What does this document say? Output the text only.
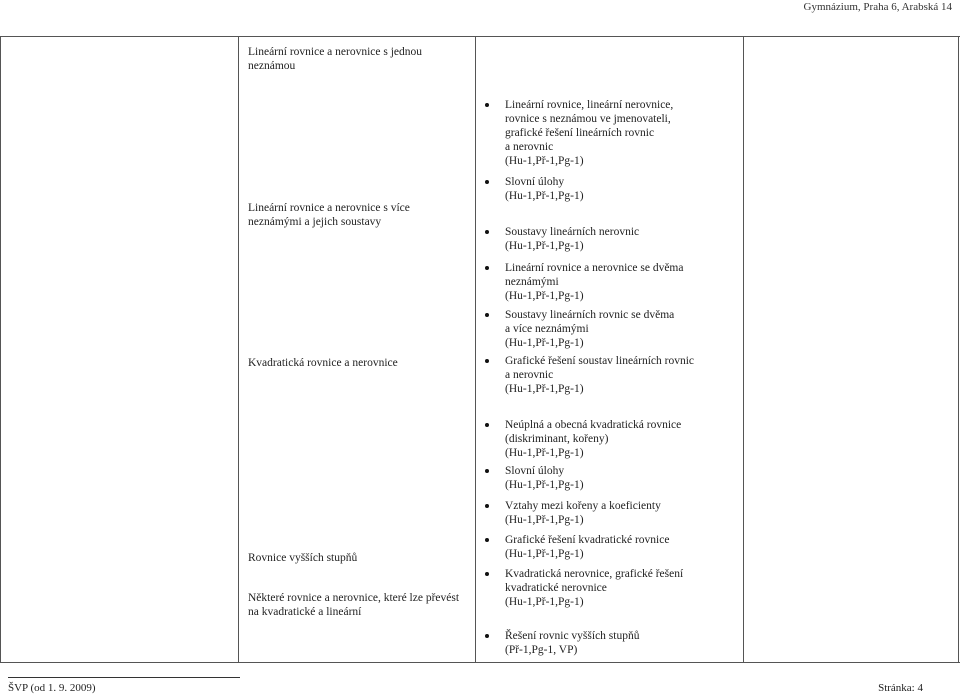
Gymnázium, Praha 6, Arabská 14
Lineární rovnice a nerovnice s jednou neznámou
Lineární rovnice a nerovnice s více neznámými a jejich soustavy
Kvadratická rovnice a nerovnice
Rovnice vyšších stupňů
Některé rovnice a nerovnice, které lze převést na kvadratické a lineární
Lineární rovnice, lineární nerovnice,
rovnice s neznámou ve jmenovateli,
grafické řešení lineárních rovnic
a nerovnic
(Hu-1,Př-1,Pg-1)
Slovní úlohy
(Hu-1,Př-1,Pg-1)
Soustavy lineárních nerovnic
(Hu-1,Př-1,Pg-1)
Lineární rovnice a nerovnice se dvěma
neznámými
(Hu-1,Př-1,Pg-1)
Soustavy lineárních rovnic se dvěma
a více neznámými
(Hu-1,Př-1,Pg-1)
Grafické řešení soustav lineárních rovnic
a nerovnic
(Hu-1,Př-1,Pg-1)
Neúplná a obecná kvadratická rovnice
(diskriminant, kořeny)
(Hu-1,Př-1,Pg-1)
Slovní úlohy
(Hu-1,Př-1,Pg-1)
Vztahy mezi kořeny a koeficienty
(Hu-1,Př-1,Pg-1)
Grafické řešení kvadratické rovnice
(Hu-1,Př-1,Pg-1)
Kvadratická nerovnice, grafické řešení
kvadratické nerovnice
(Hu-1,Př-1,Pg-1)
Řešení rovnic vyšších stupňů
(Př-1,Pg-1, VP)
ŠVP (od 1. 9. 2009)	Stránka: 4
